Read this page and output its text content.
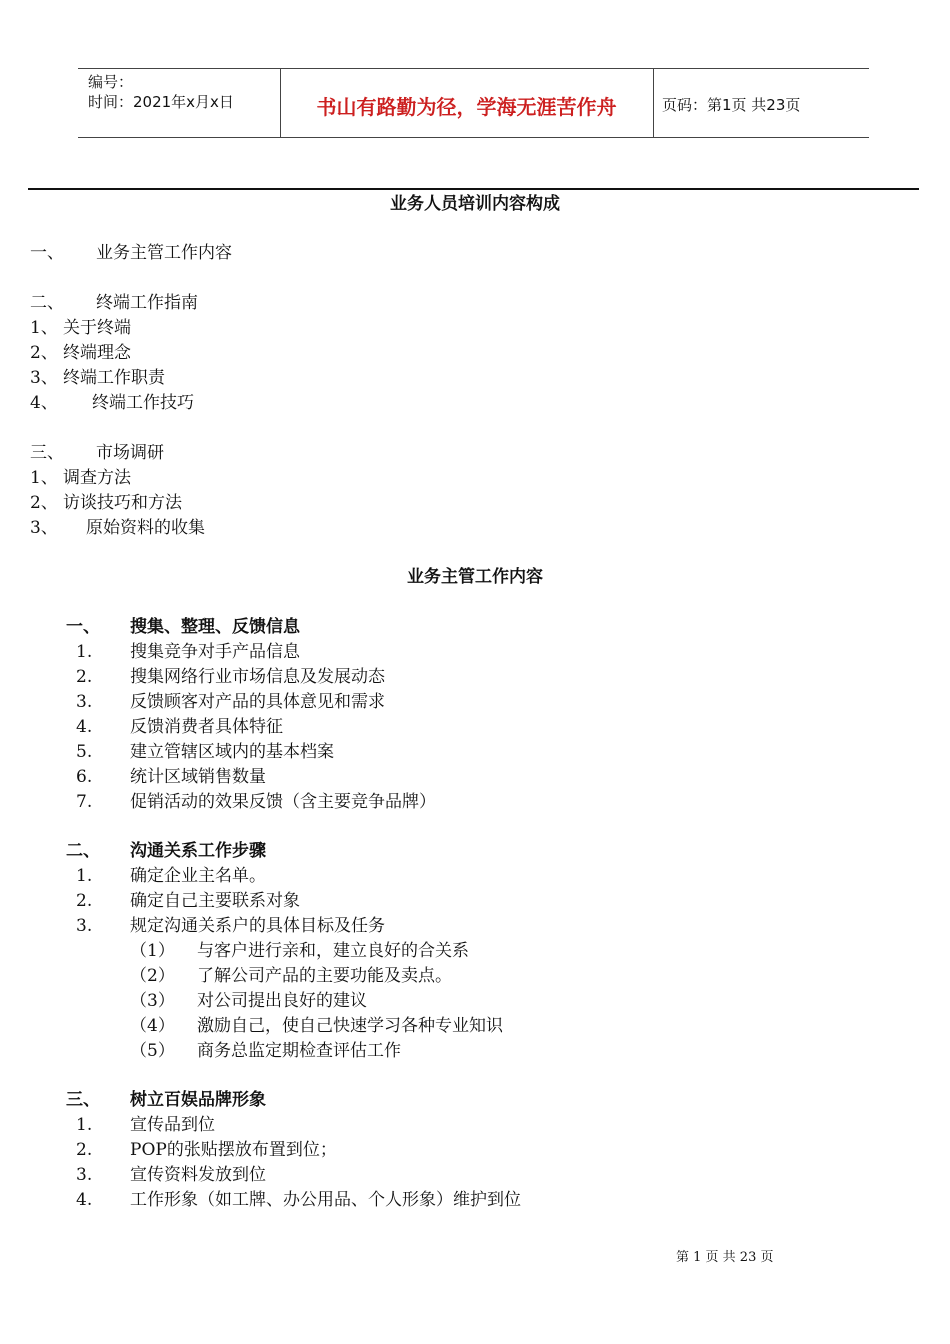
编号：
时间：2021年x月x日	书山有路勤为径，学海无涯苦作舟	页码：第1页 共23页
业务人员培训内容构成
一、 业务主管工作内容
二、 终端工作指南
1、 关于终端
2、 终端理念
3、 终端工作职责
4、 终端工作技巧
三、 市场调研
1、 调查方法
2、 访谈技巧和方法
3、 原始资料的收集
业务主管工作内容
一、 搜集、整理、反馈信息
1. 搜集竞争对手产品信息
2. 搜集网络行业市场信息及发展动态
3. 反馈顾客对产品的具体意见和需求
4. 反馈消费者具体特征
5. 建立管辖区域内的基本档案
6. 统计区域销售数量
7. 促销活动的效果反馈（含主要竞争品牌）
二、 沟通关系工作步骤
1. 确定企业主名单。
2. 确定自己主要联系对象
3. 规定沟通关系户的具体目标及任务
（1） 与客户进行亲和，建立良好的合关系
（2） 了解公司产品的主要功能及卖点。
（3） 对公司提出良好的建议
（4） 激励自己，使自己快速学习各种专业知识
（5） 商务总监定期检查评估工作
三、 树立百娱品牌形象
1. 宣传品到位
2. POP的张贴摆放布置到位；
3. 宣传资料发放到位
4. 工作形象（如工牌、办公用品、个人形象）维护到位
第 1 页 共 23 页
